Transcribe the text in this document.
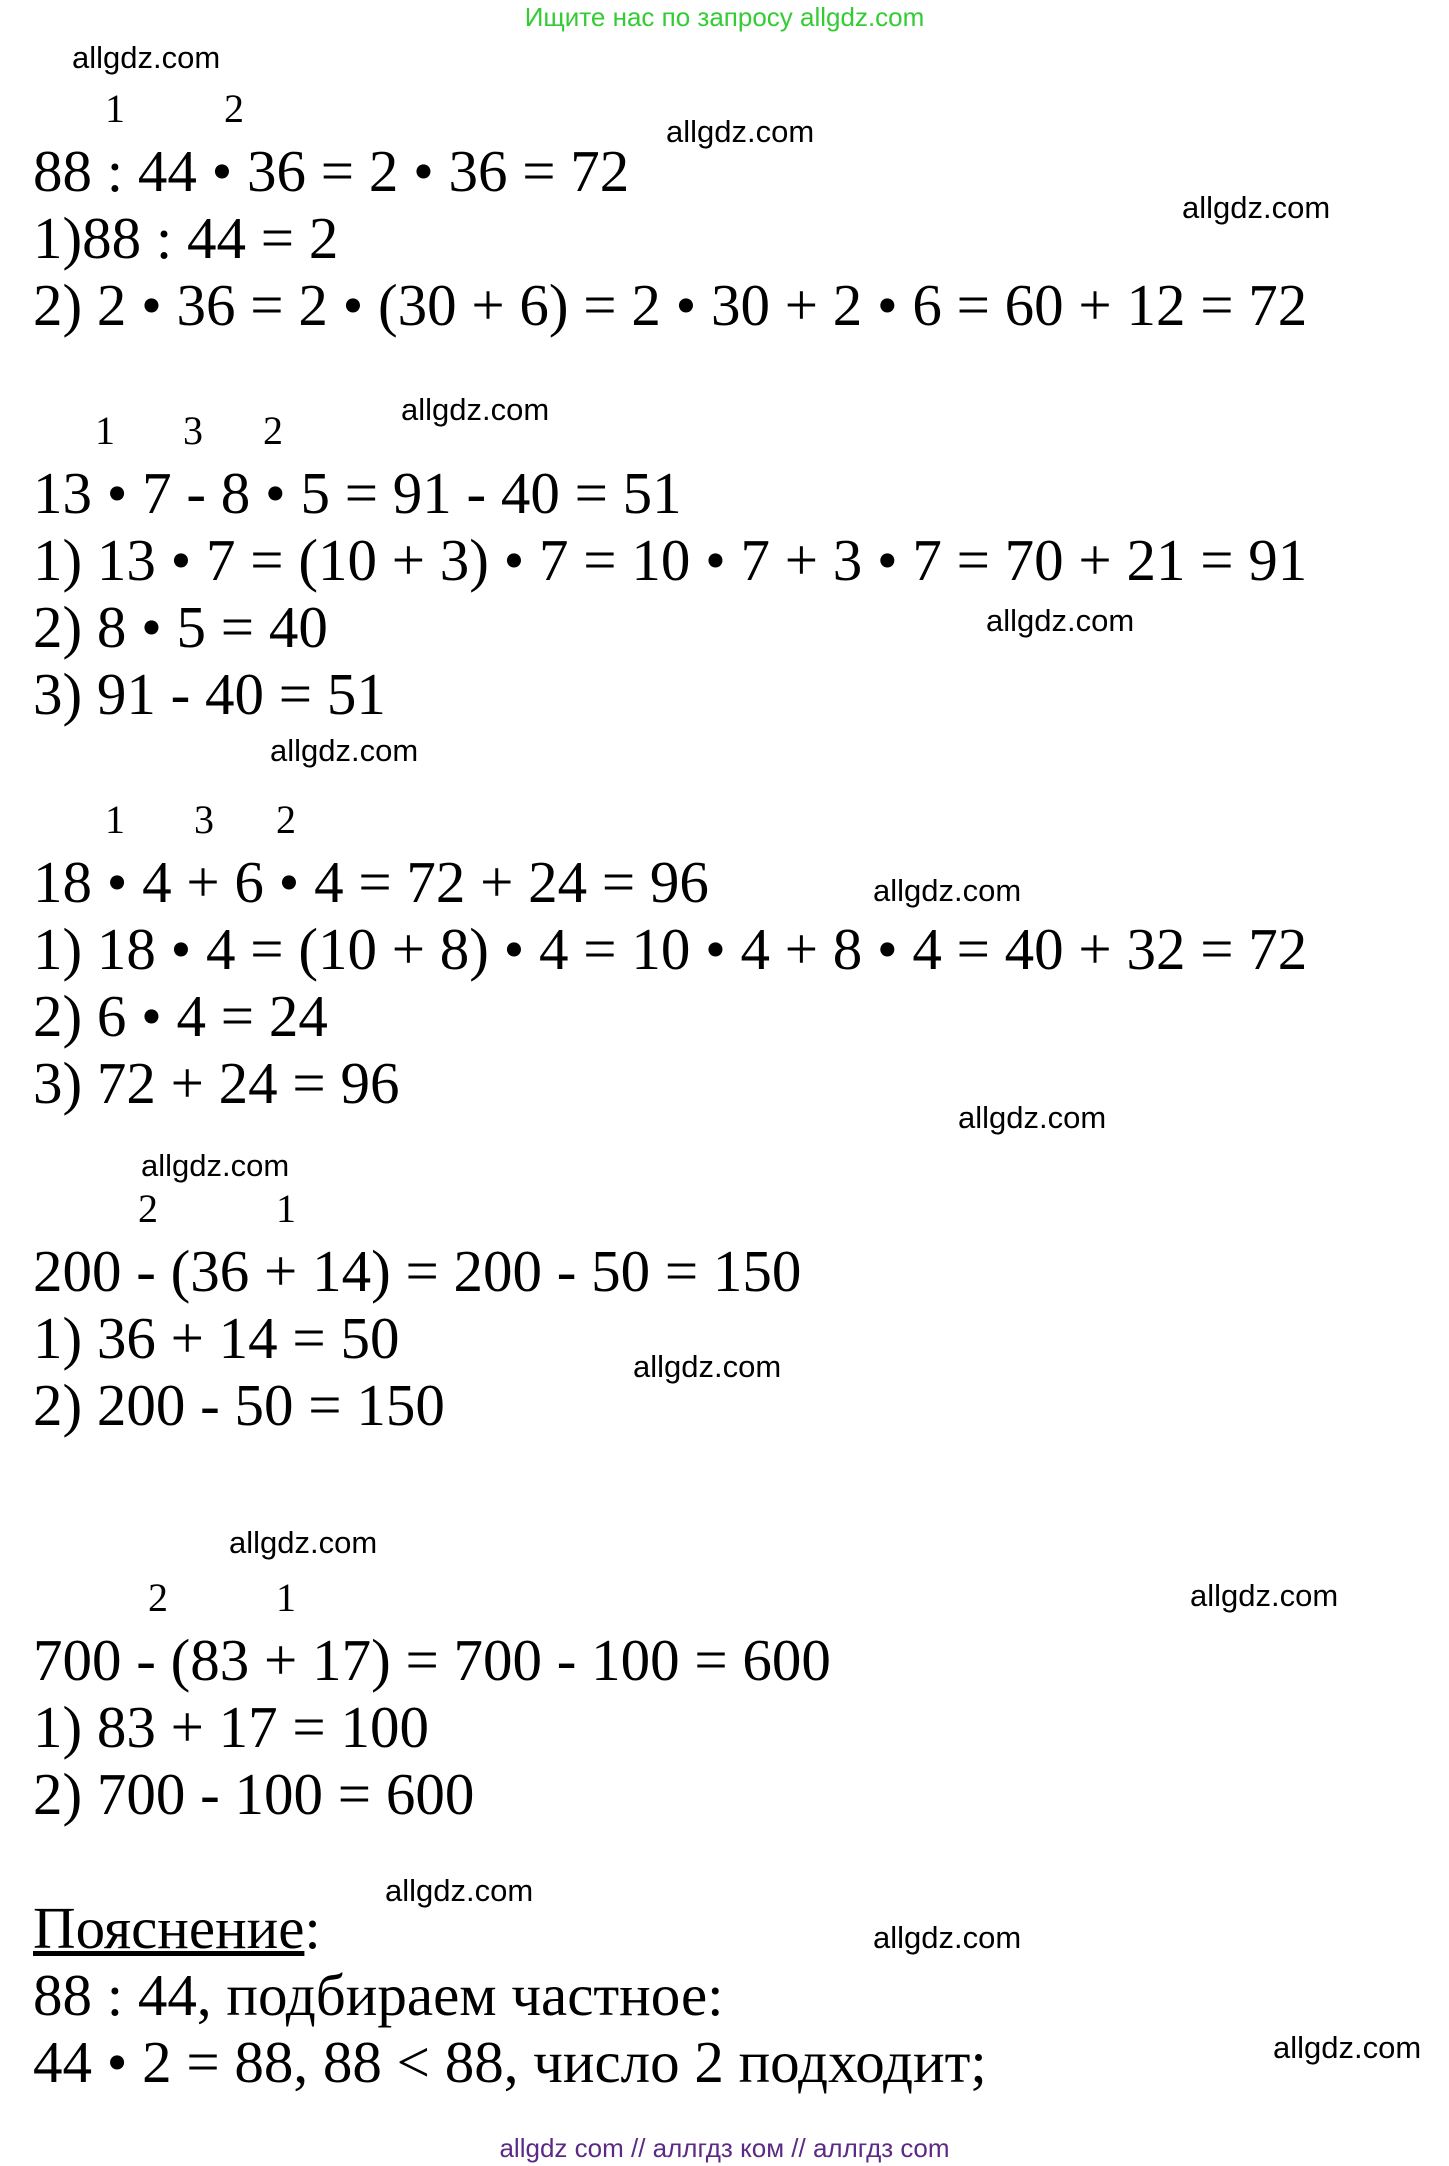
Ищите нас по запросу allgdz.com
allgdz.com
allgdz.com
allgdz.com
allgdz.com
allgdz.com
allgdz.com
allgdz.com
allgdz.com
allgdz.com
allgdz.com
allgdz.com
allgdz.com
allgdz.com
allgdz.com
allgdz.com
1 2
88 : 44 • 36 = 2 • 36 = 72
1)88 : 44 = 2
2) 2 • 36 = 2 • (30 + 6) = 2 • 30 + 2 • 6 = 60 + 12 = 72
1 3 2
13 • 7 - 8 • 5 = 91 - 40 = 51
1) 13 • 7 = (10 + 3) • 7 = 10 • 7 + 3 • 7 = 70 + 21 = 91
2) 8 • 5 = 40
3) 91 - 40 = 51
1 3 2
18 • 4 + 6 • 4 = 72 + 24 = 96
1) 18 • 4 = (10 + 8) • 4 = 10 • 4 + 8 • 4 = 40 + 32 = 72
2) 6 • 4 = 24
3) 72 + 24 = 96
2	1
200 - (36 + 14) = 200 - 50 = 150
1) 36 + 14 = 50
2) 200 - 50 = 150
2	1
700 - (83 + 17) = 700 - 100 = 600
1) 83 + 17 = 100
2) 700 - 100 = 600
Пояснение:
88 : 44, подбираем частное:
44 • 2 = 88, 88 < 88, число 2 подходит;
allgdz com // аллгдз ком // аллгдз com
